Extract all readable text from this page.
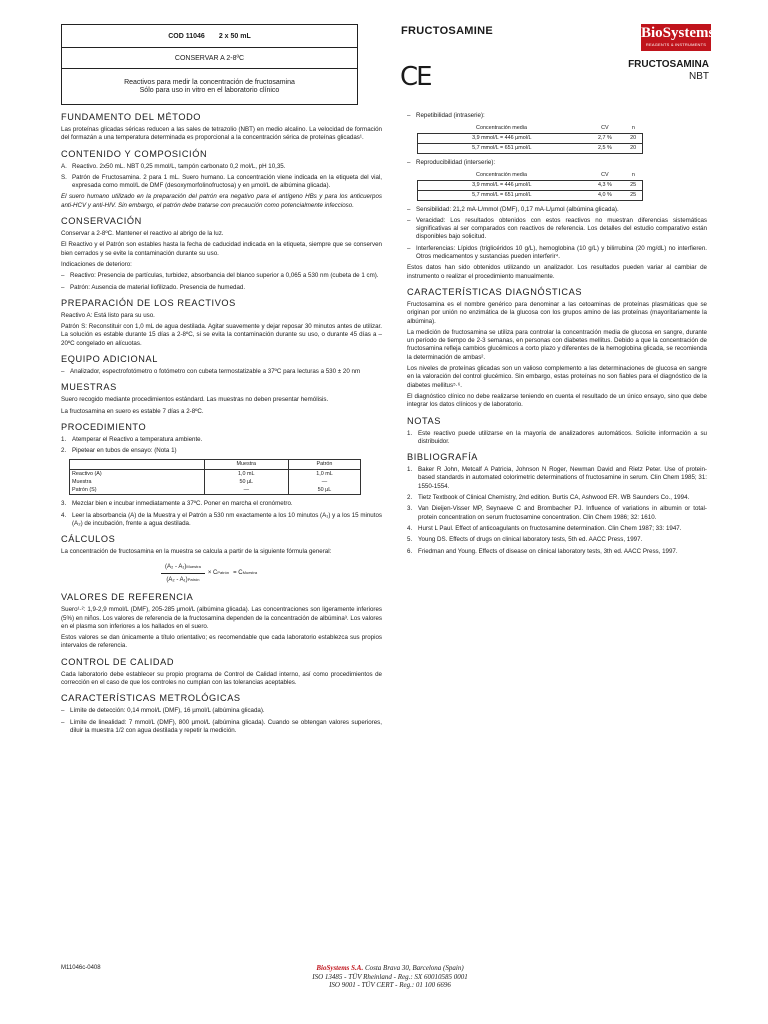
COD 11046 2 x 50 mL
CONSERVAR A 2-8ºC
Reactivos para medir la concentración de fructosamina
Sólo para uso in vitro en el laboratorio clínico
FRUCTOSAMINE
CE
BioSystems
REAGENTS & INSTRUMENTS
FRUCTOSAMINA
NBT
FUNDAMENTO DEL MÉTODO

Las proteínas glicadas séricas reducen a las sales de tetrazolio (NBT) en medio alcalino. La velocidad de formación del formazán a una temperatura determinada es proporcional a la concentración sérica de proteínas glicadas¹.

CONTENIDO Y COMPOSICIÓN
A. Reactivo. 2x50 mL. NBT 0,25 mmol/L, tampón carbonato 0,2 mol/L, pH 10,35.
S. Patrón de Fructosamina. 2 para 1 mL. Suero humano. La concentración viene indicada en la etiqueta del vial, expresada como mmol/L de DMF (desoxymorfolinofructosa) y en µmol/L de albúmina glicada).

El suero humano utilizado en la preparación del patrón era negativo para el antígeno HBs y para los anticuerpos anti-HCV y anti-HIV. Sin embargo, el patrón debe tratarse con precaución como potencialmente infeccioso.

CONSERVACIÓN

Conservar a 2-8ºC. Mantener el reactivo al abrigo de la luz.

El Reactivo y el Patrón son estables hasta la fecha de caducidad indicada en la etiqueta, siempre que se conserven bien cerrados y se evite la contaminación durante su uso.

Indicaciones de deterioro:

– Reactivo: Presencia de partículas, turbidez, absorbancia del blanco superior a 0,065 a 530 nm (cubeta de 1 cm).
– Patrón: Ausencia de material liofilizado. Presencia de humedad.
PREPARACIÓN DE LOS REACTIVOS

Reactivo A: Está listo para su uso.

Patrón S: Reconstituir con 1,0 mL de agua destilada. Agitar suavemente y dejar reposar 30 minutos antes de utilizar. La solución es estable durante 15 días a 2-8ºC, si se evita la contaminación durante su uso, o durante 45 días a –20ºC congelado en alícuotas.

EQUIPO ADICIONAL
– Analizador, espectrofotómetro o fotómetro con cubeta termostatizable a 37ºC para lecturas a 530 ± 20 nm
MUESTRAS

Suero recogido mediante procedimientos estándard. Las muestras no deben presentar hemólisis.

La fructosamina en suero es estable 7 días a 2-8ºC.

PROCEDIMIENTO
1. Atemperar el Reactivo a temperatura ambiente.
2. Pipetear en tubos de ensayo: (Nota 1)
	Muestra	Patrón
Reactivo (A)	1,0 mL	1,0 mL
Muestra	50 µL	—
Patrón (S)	—	50 µL
3. Mezclar bien e incubar inmediatamente a 37ºC. Poner en marcha el cronómetro.
4. Leer la absorbancia (A) de la Muestra y el Patrón a 530 nm exactamente a los 10 minutos (A₁) y a los 15 minutos (A₂) de incubación, frente a agua destilada.
CÁLCULOS

La concentración de fructosamina en la muestra se calcula a partir de la siguiente fórmula general:

$\frac{\text{(A₂ - A₁)Muestra}}{\text{(A₂ - A₁)Patrón}} \times C$ Patrón = C Muestra
VALORES DE REFERENCIA

Suero¹·²: 1,9-2,9 mmol/L (DMF), 205-285 µmol/L (albúmina glicada). Las concentraciones son ligeramente inferiores (5%) en niños. Los valores de referencia de la fructosamina dependen de la concentración de albúmina³. Los valores en el plasma son inferiores a los hallados en el suero.

Estos valores se dan únicamente a título orientativo; es recomendable que cada laboratorio establezca sus propios intervalos de referencia.

CONTROL DE CALIDAD

Cada laboratorio debe establecer su propio programa de Control de Calidad interno, así como procedimientos de corrección en el caso de que los controles no cumplan con las tolerancias aceptables.

CARACTERÍSTICAS METROLÓGICAS
– Límite de detección: 0,14 mmol/L (DMF), 16 µmol/L (albúmina glicada).
– Límite de linealidad: 7 mmol/L (DMF), 800 µmol/L (albúmina glicada). Cuando se obtengan valores superiores, diluir la muestra 1/2 con agua destilada y repetir la medición.
– Repetibilidad (intraserie):
Concentración media	CV	n
3,9 mmol/L = 446 µmol/L	2,7 %	20
5,7 mmol/L = 651 µmol/L	2,5 %	20
– Reproducibilidad (interserie):
Concentración media	CV	n
3,9 mmol/L = 446 µmol/L	4,3 %	25
5,7 mmol/L = 651 µmol/L	4,0 %	25
– Sensibilidad: 21,2 mA·L/mmol (DMF), 0,17 mA·L/µmol (albúmina glicada).
– Veracidad: Los resultados obtenidos con estos reactivos no muestran diferencias sistemáticas significativas al ser comparados con reactivos de referencia. Los detalles del estudio comparativo están disponibles bajo solicitud.
– Interferencias: Lípidos (triglicéridos 10 g/L), hemoglobina (10 g/L) y bilirrubina (20 mg/dL) no interfieren. Otros medicamentos y sustancias pueden interferir⁴.

Estos datos han sido obtenidos utilizando un analizador. Los resultados pueden variar al cambiar de instrumento o realizar el procedimiento manualmente.

CARACTERÍSTICAS DIAGNÓSTICAS

Fructosamina es el nombre genérico para denominar a las cetoaminas de proteínas plasmáticas que se originan por unión no enzimática de la glucosa con los grupos amino de las proteínas (mayoritariamente la albúmina).

La medición de fructosamina se utiliza para controlar la concentración media de glucosa en sangre, durante un período de tiempo de 2-3 semanas, en personas con diabetes mellitus. Debido a que la concentración de fructosamina refleja cambios glucémicos a corto plazo y diferentes de la hemoglobina glicada, se recomienda la determinación de ambas².

Los niveles de proteínas glicadas son un valioso complemento a las determinaciones de glucosa en sangre en la valoración del control glucémico. Sin embargo, estas proteínas no son fiables para el diagnóstico de la diabetes mellitus⁵·⁶.

El diagnóstico clínico no debe realizarse teniendo en cuenta el resultado de un único ensayo, sino que debe integrar los datos clínicos y de laboratorio.

NOTAS
1. Este reactivo puede utilizarse en la mayoría de analizadores automáticos. Solicite información a su distribuidor.
BIBLIOGRAFÍA
1. Baker R John, Metcalf A Patricia, Johnson N Roger, Newman David and Rietz Peter. Use of protein-based standards in automated colorimetric determinations of fructosamine in serum. Clin Chem 1985; 31: 1550-1554.
2. Tietz Textbook of Clinical Chemistry, 2nd edition. Burtis CA, Ashwood ER. WB Saunders Co., 1994.
3. Van Dieijen-Visser MP, Seynaeve C and Brombacher PJ. Influence of variations in albumin or total-protein concentration on serum fructosamine concentration. Clin Chem 1986; 32: 1610.
4. Hurst L Paul. Effect of anticoagulants on fructosamine determination. Clin Chem 1987; 33: 1947.
5. Young DS. Effects of drugs on clinical laboratory tests, 5th ed. AACC Press, 1997.
6. Friedman and Young. Effects of disease on clinical laboratory tests, 3th ed. AACC Press, 1997.
M11046c-0408	BioSystems S.A. Costa Brava 30, Barcelona (Spain)
ISO 13485 - TÜV Rheinland - Reg.: SX 60010585 0001
ISO 9001 - TÜV CERT - Reg.: 01 100 6696
